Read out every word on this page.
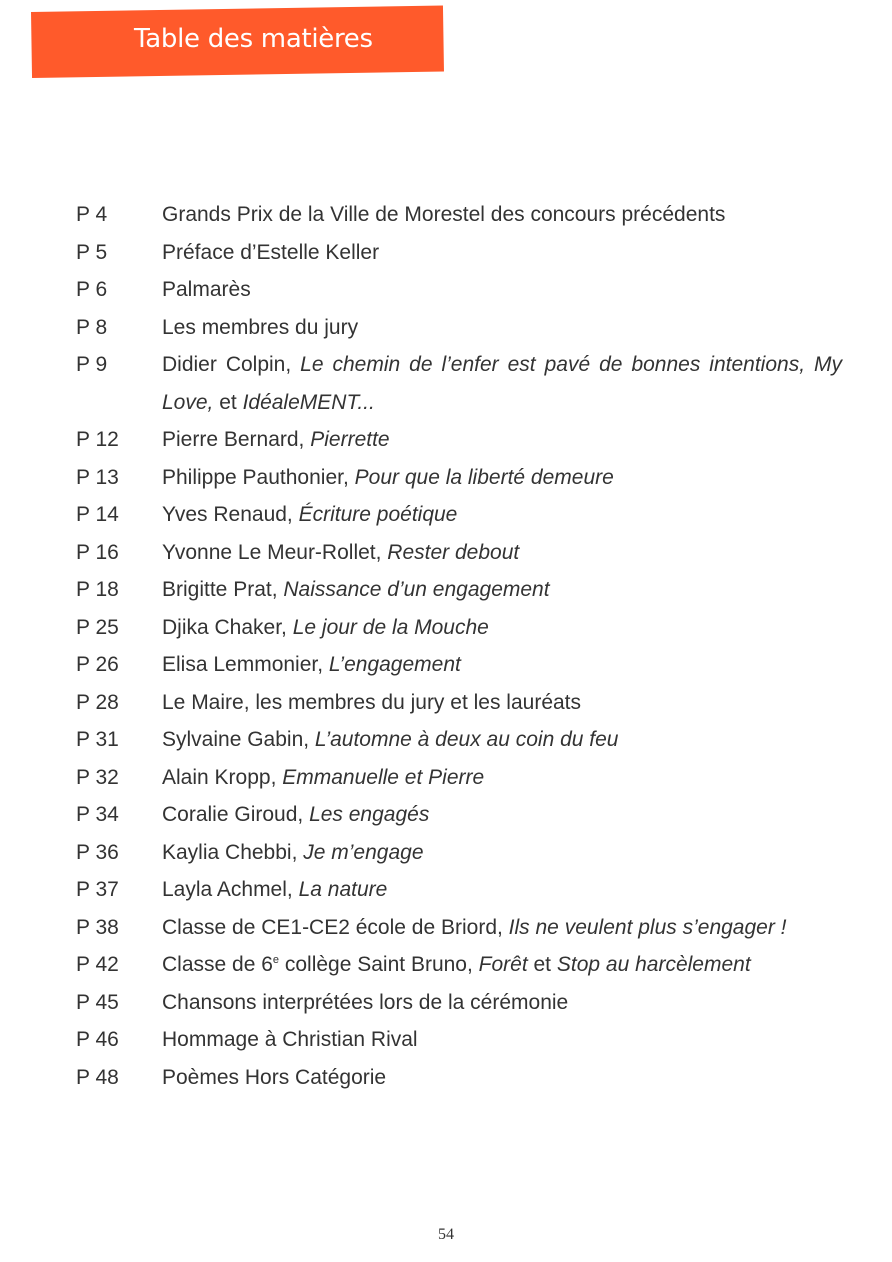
Table des matières
P 4	Grands Prix de la Ville de Morestel des concours précédents
P 5	Préface d’Estelle Keller
P 6	Palmarès
P 8	Les membres du jury
P 9	Didier Colpin, Le chemin de l’enfer est pavé de bonnes intentions, My Love, et IdéaleMENT...
P 12	Pierre Bernard, Pierrette
P 13	Philippe Pauthonier, Pour que la liberté demeure
P 14	Yves Renaud, Écriture poétique
P 16	Yvonne Le Meur-Rollet, Rester debout
P 18	Brigitte Prat, Naissance d’un engagement
P 25	Djika Chaker, Le jour de la Mouche
P 26	Elisa Lemmonier, L’engagement
P 28	Le Maire, les membres du jury et les lauréats
P 31	Sylvaine Gabin, L’automne à deux au coin du feu
P 32	Alain Kropp, Emmanuelle et Pierre
P 34	Coralie Giroud, Les engagés
P 36	Kaylia Chebbi, Je m’engage
P 37	Layla Achmel, La nature
P 38	Classe de CE1-CE2 école de Briord, Ils ne veulent plus s’engager !
P 42	Classe de 6e collège Saint Bruno, Forêt et Stop au harcèlement
P 45	Chansons interprétées lors de la cérémonie
P 46	Hommage à Christian Rival
P 48	Poèmes Hors Catégorie
54
